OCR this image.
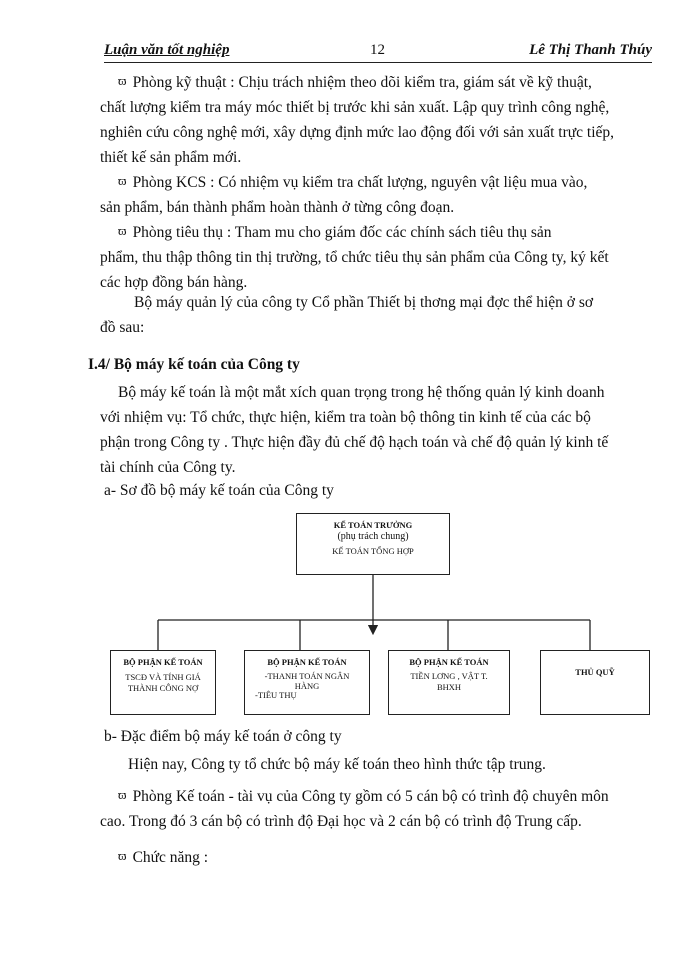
Luận văn tốt nghiệp	12	Lê Thị Thanh Thúy

ϖ Phòng kỹ thuật : Chịu trách nhiệm theo dõi kiểm tra, giám sát về kỹ thuật,
chất lượng kiểm tra máy móc thiết bị trước khi sản xuất. Lập quy trình công nghệ,
nghiên cứu công nghệ mới, xây dựng định mức lao động đối với sản xuất trực tiếp,
thiết kế sản phẩm mới.

ϖ Phòng KCS : Có nhiệm vụ kiểm tra chất lượng, nguyên vật liệu mua vào,
sản phẩm, bán thành phẩm hoàn thành ở từng công đoạn.

ϖ Phòng tiêu thụ : Tham mu cho giám đốc các chính sách tiêu thụ sản
phẩm, thu thập thông tin thị trường, tổ chức tiêu thụ sản phẩm của Công ty, ký kết
các hợp đồng bán hàng.

Bộ máy quản lý của công ty Cổ phần Thiết bị thơng mại đợc thể hiện ở sơ
đồ sau:

I.4/ Bộ máy kế toán của Công ty

Bộ máy kế toán là một mắt xích quan trọng trong hệ thống quản lý kinh doanh
với nhiệm vụ: Tổ chức, thực hiện, kiểm tra toàn bộ thông tin kinh tế của các bộ
phận trong Công ty . Thực hiện đầy đủ chế độ hạch toán và chế độ quản lý kinh tế
tài chính của Công ty.

a- Sơ đồ bộ máy kế toán của Công ty
KẾ TOÁN TRƯỞNG
(phụ trách chung)
KẾ TOÁN TỔNG HỢP
BỘ PHẬN KẾ TOÁN
TSCĐ VÀ TÍNH GIÁ
THÀNH CÔNG NỢ
BỘ PHẬN KẾ TOÁN
-THANH TOÁN NGÂN
HÀNG
-TIÊU THỤ
BỘ PHẬN KẾ TOÁN
TIỀN LƠNG , VẬT T.
BHXH
THỦ QUỸ
b- Đặc điểm bộ máy kế toán ở công ty
Hiện nay, Công ty tổ chức bộ máy kế toán theo hình thức tập trung.

ϖ Phòng Kế toán - tài vụ của Công ty gồm có 5 cán bộ có trình độ chuyên môn
cao. Trong đó 3 cán bộ có trình độ Đại học và 2 cán bộ có trình độ Trung cấp.

ϖ Chức năng :
